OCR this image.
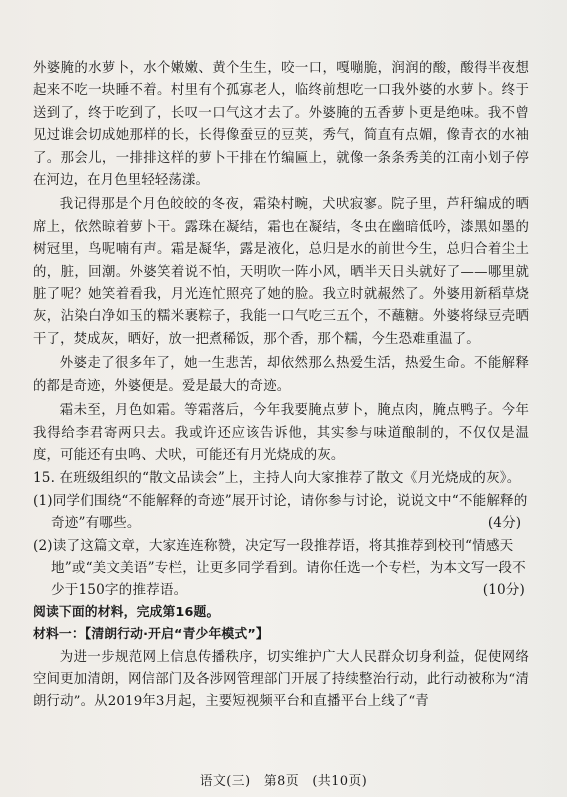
外婆腌的水萝卜，水个嫩嫩、黄个生生，咬一口，嘎嘣脆，润润的酸，酸得半夜想起来不吃一块睡不着。村里有个孤寡老人，临终前想吃一口我外婆的水萝卜。终于送到了，终于吃到了，长叹一口气这才去了。外婆腌的五香萝卜更是绝味。我不曾见过谁会切成她那样的长，长得像蚕豆的豆荚，秀气，简直有点媚，像青衣的水袖了。那会儿，一排排这样的萝卜干排在竹编匾上，就像一条条秀美的江南小划子停在河边，在月色里轻轻荡漾。

我记得那是个月色皎皎的冬夜，霜染村畹，犬吠寂寥。院子里，芦秆编成的晒席上，依然晾着萝卜干。露珠在凝结，霜也在凝结，冬虫在幽暗低吟，漆黑如墨的树冠里，鸟呢喃有声。霜是凝华，露是液化，总归是水的前世今生，总归合着尘土的，脏，回潮。外婆笑着说不怕，天明吹一阵小风，晒半天日头就好了——哪里就脏了呢？她笑着看我，月光连忙照亮了她的脸。我立时就赧然了。外婆用新稻草烧灰，沾染白净如玉的糯米裹粽子，我能一口气吃三五个，不蘸糖。外婆将绿豆壳晒干了，焚成灰，晒好，放一把煮稀饭，那个香，那个糯，今生恐难重温了。

外婆走了很多年了，她一生悲苦，却依然那么热爱生活，热爱生命。不能解释的都是奇迹，外婆便是。爱是最大的奇迹。

霜未至，月色如霜。等霜落后，今年我要腌点萝卜，腌点肉，腌点鸭子。今年我得给李君寄两只去。我或许还应该告诉他，其实参与味道酿制的，不仅仅是温度，可能还有虫鸣、犬吠，可能还有月光烧成的灰。

15. 在班级组织的“散文品读会”上，主持人向大家推荐了散文《月光烧成的灰》。

(1)同学们围绕“不能解释的奇迹”展开讨论，请你参与讨论，说说文中“不能解释的奇迹”有哪些。	(4分)

(2)读了这篇文章，大家连连称赞，决定写一段推荐语，将其推荐到校刊“情感天地”或“美文美语”专栏，让更多同学看到。请你任选一个专栏，为本文写一段不少于150字的推荐语。	(10分)

阅读下面的材料，完成第16题。

材料一：【清朗行动·开启“青少年模式”】

为进一步规范网上信息传播秩序，切实维护广大人民群众切身利益，促使网络空间更加清朗，网信部门及各涉网管理部门开展了持续整治行动，此行动被称为“清朗行动”。从2019年3月起，主要短视频平台和直播平台上线了“青

语文(三)　第8页　(共10页)
